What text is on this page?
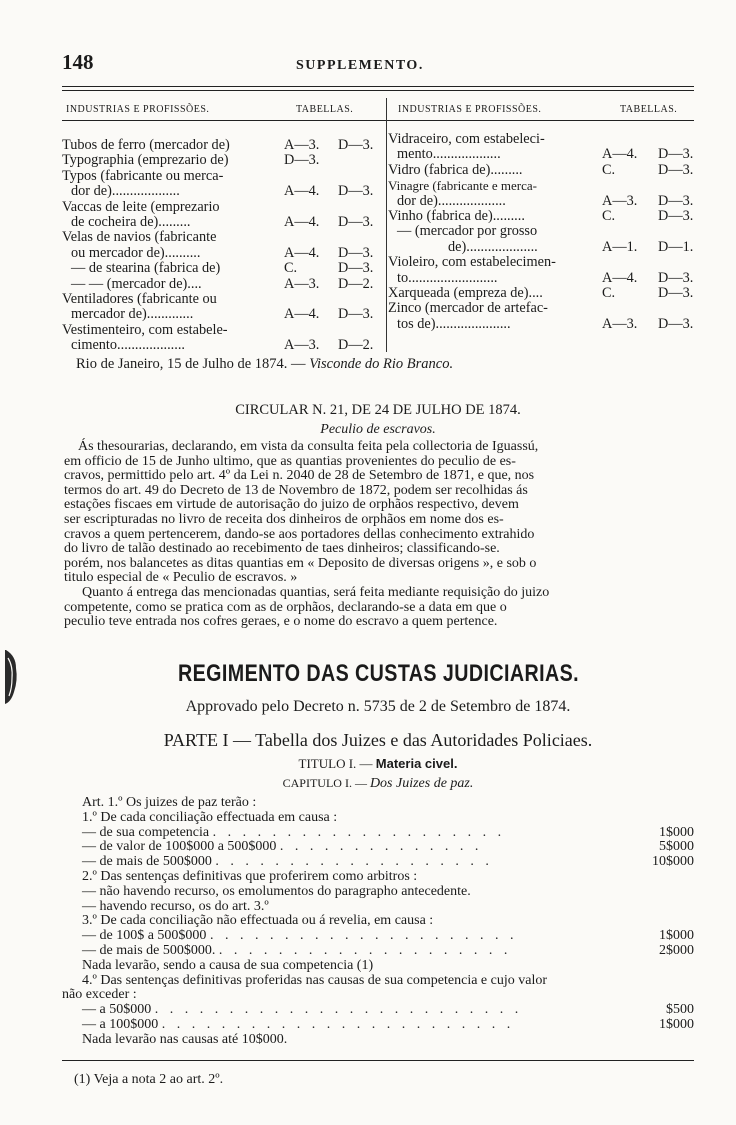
148	SUPPLEMENTO.
INDUSTRIAS E PROFISSÕES.	TABELLAS.	INDUSTRIAS E PROFISSÕES.	TABELLAS.
Tubos de ferro (mercador de)	A—3. D—3.
Typographia (emprezario de)	D—3.
Typos (fabricante ou merca-
dor de)...................	A—4. D—3.
Vaccas de leite (emprezario
de cocheira de).........	A—4. D—3.
Velas de navios (fabricante
ou mercador de)..........	A—4. D—3.
— de stearina (fabrica de)	C.	D—3.
— — (mercador de)....	A—3. D—2.
Ventiladores (fabricante ou
mercador de).............	A—4. D—3.
Vestimenteiro, com estabele-
cimento...................	A—3. D—2.
Vidraceiro, com estabeleci-
mento...................	A—4. D—3.
Vidro (fabrica de).........	C.	D—3.
Vinagre (fabricante e merca-
dor de)...................	A—3. D—3.
Vinho (fabrica de).........	C.	D—3.
— (mercador por grosso
de)....................	A—1. D—1.
Violeiro, com estabelecimen-
to.........................	A—4. D—3.
Xarqueada (empreza de)....	C.	D—3.
Zinco (mercador de artefac-
tos de).....................	A—3. D—3.
Rio de Janeiro, 15 de Julho de 1874. — Visconde do Rio Branco.
CIRCULAR N. 21, DE 24 DE JULHO DE 1874.
Peculio de escravos.
Ás thesourarias, declarando, em vista da consulta feita pela collectoria de Iguassú,
em officio de 15 de Junho ultimo, que as quantias provenientes do peculio de es-
cravos, permittido pelo art. 4º da Lei n. 2040 de 28 de Setembro de 1871, e que, nos
termos do art. 49 do Decreto de 13 de Novembro de 1872, podem ser recolhidas ás
estações fiscaes em virtude de autorisação do juizo de orphãos respectivo, devem
ser escripturadas no livro de receita dos dinheiros de orphãos em nome dos es-
cravos a quem pertencerem, dando-se aos portadores dellas conhecimento extrahido
do livro de talão destinado ao recebimento de taes dinheiros; classificando-se.
porém, nos balancetes as ditas quantias em « Deposito de diversas origens », e sob o
titulo especial de « Peculio de escravos. »
Quanto á entrega das mencionadas quantias, será feita mediante requisição do juizo
competente, como se pratica com as de orphãos, declarando-se a data em que o
peculio teve entrada nos cofres geraes, e o nome do escravo a quem pertence.
REGIMENTO DAS CUSTAS JUDICIARIAS.
Approvado pelo Decreto n. 5735 de 2 de Setembro de 1874.
PARTE I — Tabella dos Juizes e das Autoridades Policiaes.
TITULO I. — Materia civel.
CAPITULO I. — Dos Juizes de paz.
Art. 1.º Os juizes de paz terão :
1.º De cada conciliação effectuada em causa :
— de sua competencia . . . . . . . . . . . . . . . . . . . .	1$000
— de valor de 100$000 a 500$000 . . . . . . . . . . . . . .	5$000
— de mais de 500$000 . . . . . . . . . . . . . . . . . . .	10$000
2.º Das sentenças definitivas que proferirem como arbitros :
— não havendo recurso, os emolumentos do paragrapho antecedente.
— havendo recurso, os do art. 3.º
3.º De cada conciliação não effectuada ou á revelia, em causa :
— de 100$ a 500$000 . . . . . . . . . . . . . . . . . . . . .	1$000
— de mais de 500$000. . . . . . . . . . . . . . . . . . . . .	2$000
Nada levarão, sendo a causa de sua competencia (1)
4.º Das sentenças definitivas proferidas nas causas de sua competencia e cujo valor
não exceder :
— a 50$000 . . . . . . . . . . . . . . . . . . . . . . . . .	$500
— a 100$000 . . . . . . . . . . . . . . . . . . . . . . . .	1$000
Nada levarão nas causas até 10$000.
(1) Veja a nota 2 ao art. 2º.
